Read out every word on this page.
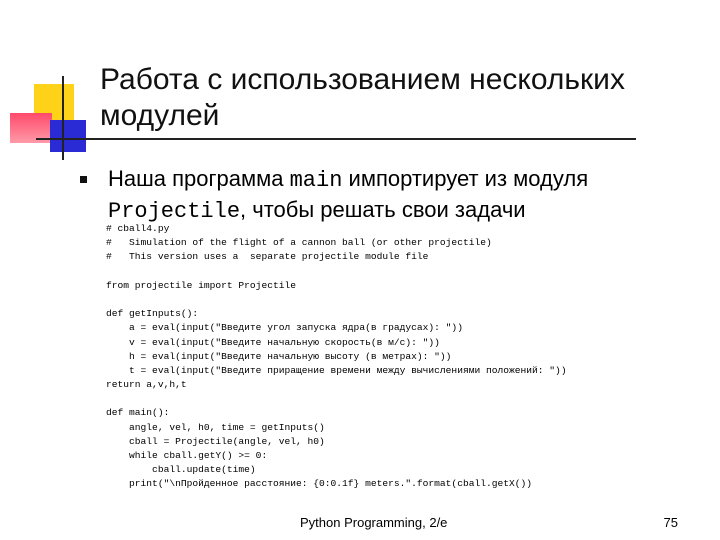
Работа с использованием нескольких модулей
Наша программа main импортирует из модуля Projectile, чтобы решать свои задачи
# cball4.py
#   Simulation of the flight of a cannon ball (or other projectile)
#   This version uses a  separate projectile module file
from projectile import Projectile
def getInputs():
a = eval(input("Введите угол запуска ядра(в градусах): "))
v = eval(input("Введите начальную скорость(в м/с): "))
h = eval(input("Введите начальную высоту (в метрах): "))
t = eval(input("Введите приращение времени между вычислениями положений: "))
return a,v,h,t
def main():
angle, vel, h0, time = getInputs()
cball = Projectile(angle, vel, h0)
while cball.getY() >= 0:
cball.update(time)
print("\nПройденное расстояние: {0:0.1f} meters.".format(cball.getX())
Python Programming, 2/e	75
